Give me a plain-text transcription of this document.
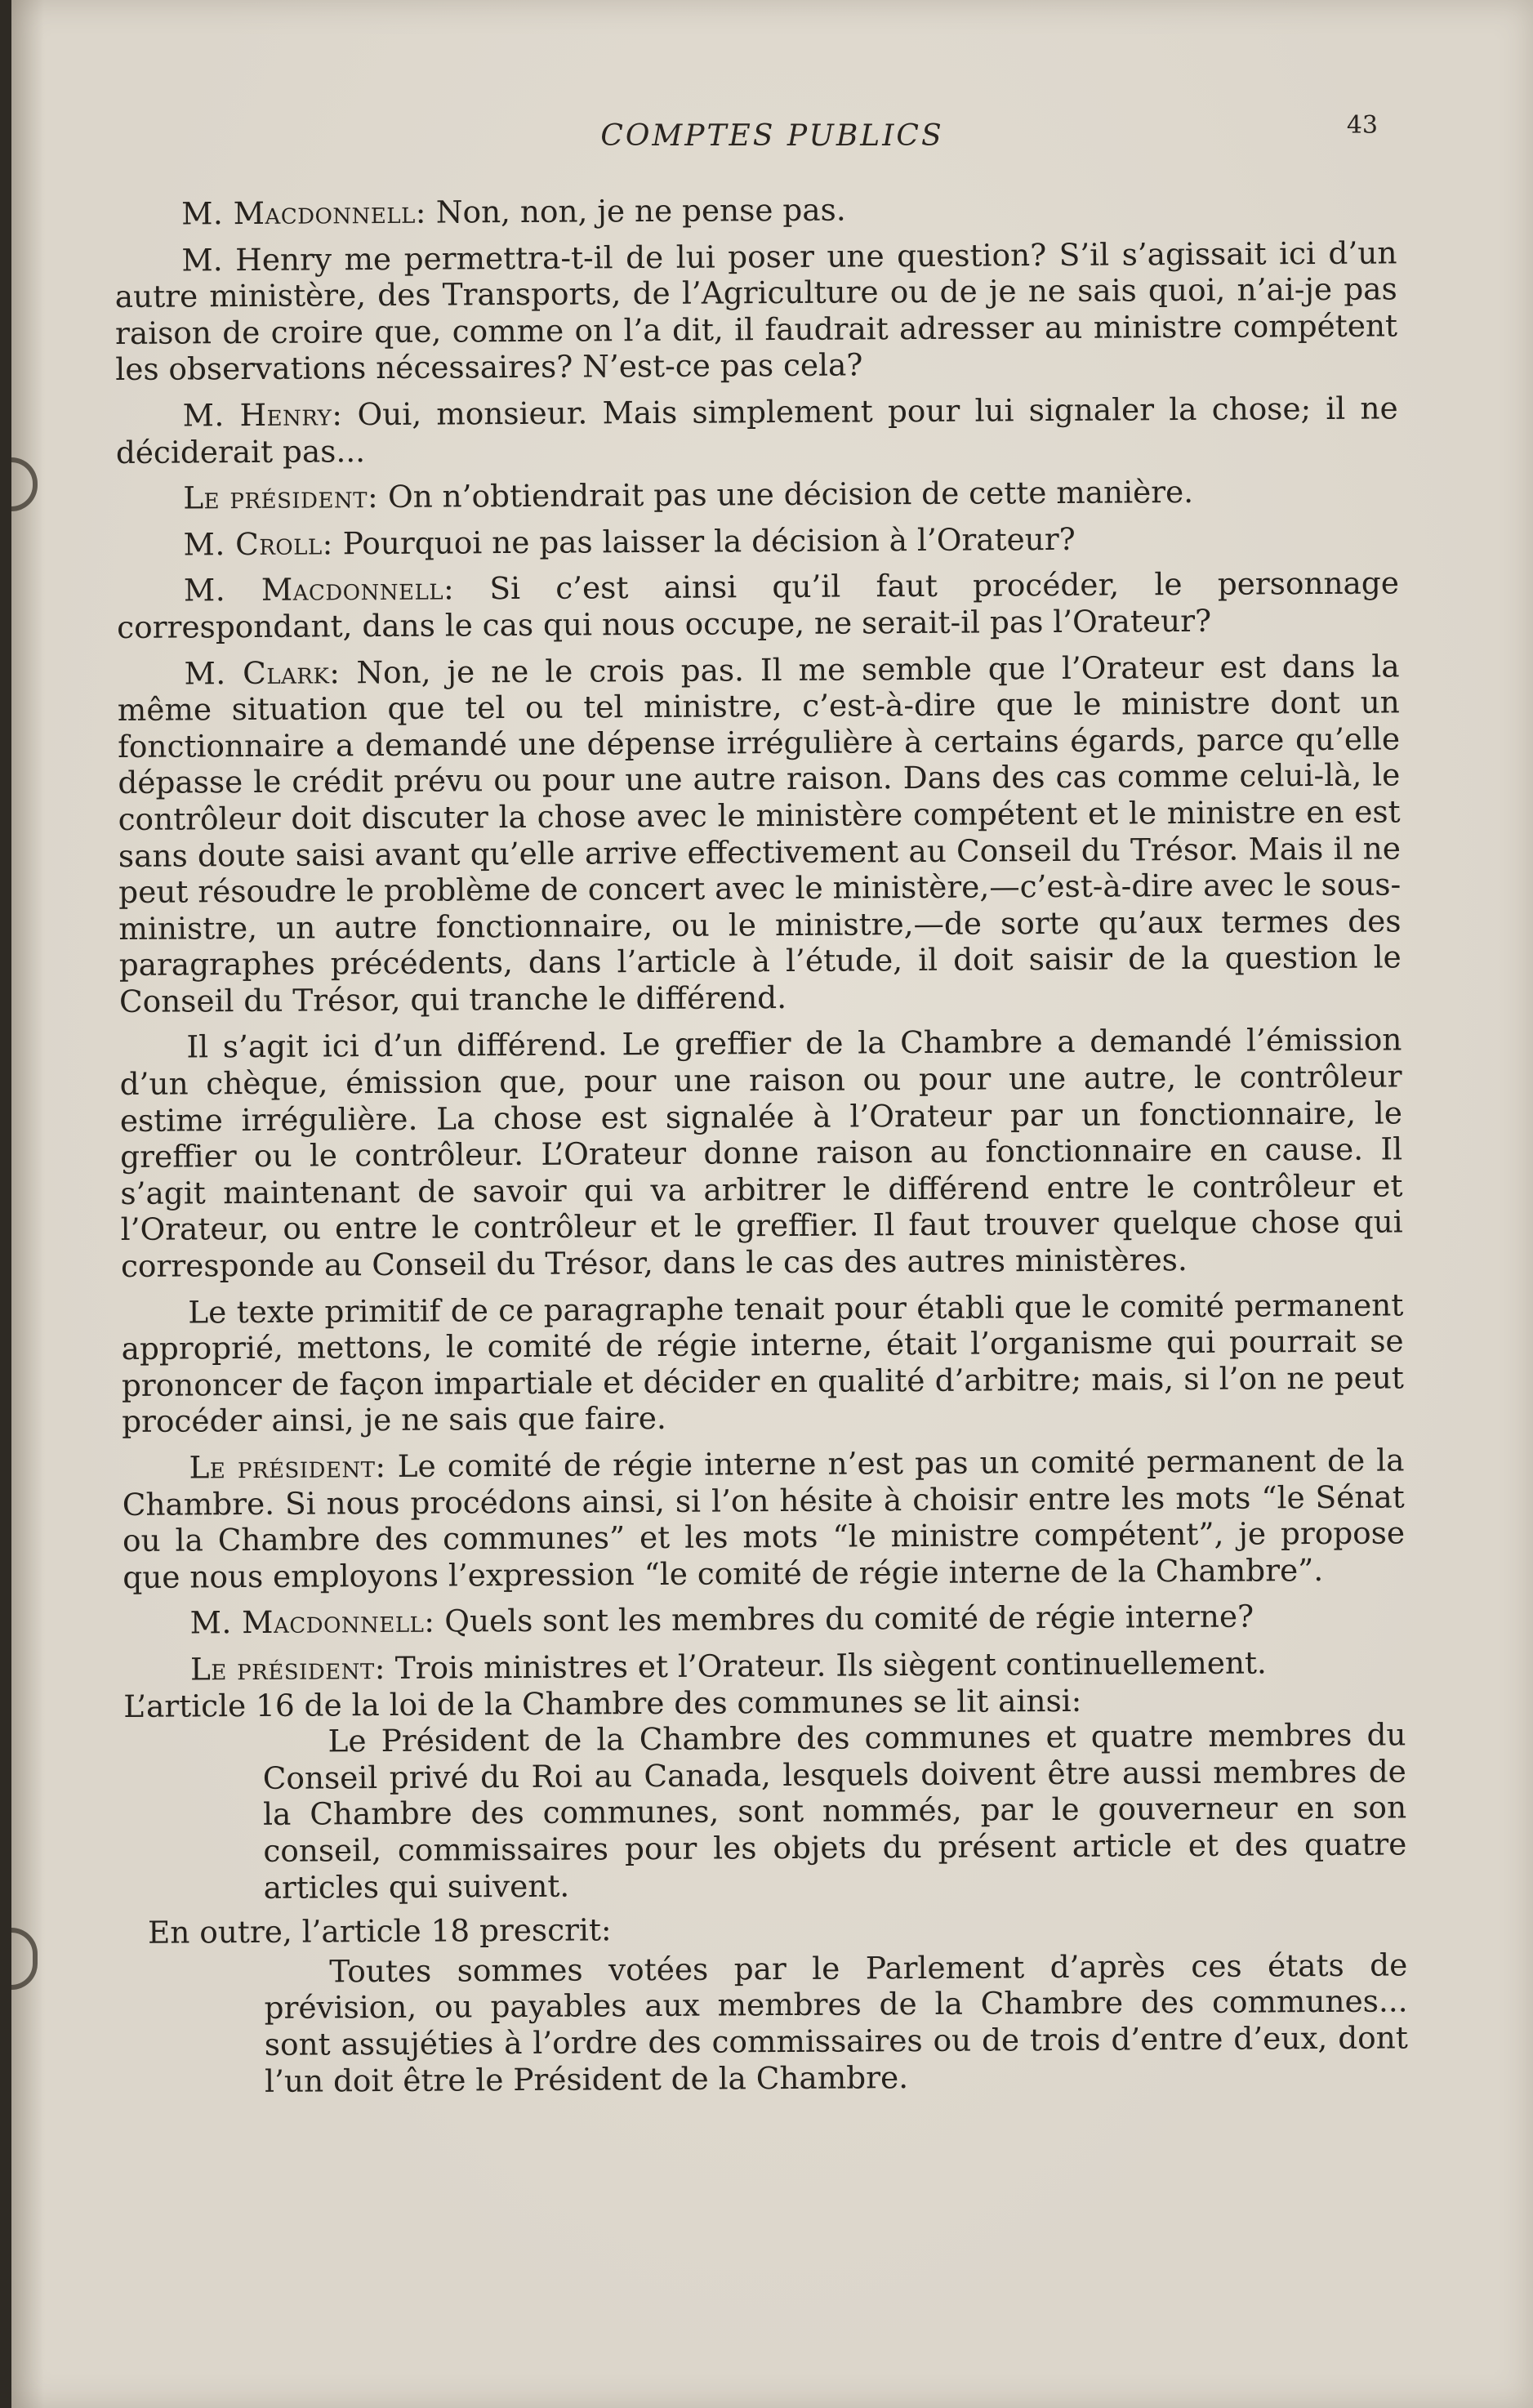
COMPTES PUBLICS	43

M. Macdonnell: Non, non, je ne pense pas.

M. Henry me permettra-t-il de lui poser une question? S’il s’agissait ici d’un autre ministère, des Transports, de l’Agriculture ou de je ne sais quoi, n’ai-je pas raison de croire que, comme on l’a dit, il faudrait adresser au ministre compétent les observations nécessaires? N’est-ce pas cela?

M. Henry: Oui, monsieur. Mais simplement pour lui signaler la chose; il ne déciderait pas...

Le président: On n’obtiendrait pas une décision de cette manière.

M. Croll: Pourquoi ne pas laisser la décision à l’Orateur?

M. Macdonnell: Si c’est ainsi qu’il faut procéder, le personnage correspondant, dans le cas qui nous occupe, ne serait-il pas l’Orateur?

M. Clark: Non, je ne le crois pas. Il me semble que l’Orateur est dans la même situation que tel ou tel ministre, c’est-à-dire que le ministre dont un fonctionnaire a demandé une dépense irrégulière à certains égards, parce qu’elle dépasse le crédit prévu ou pour une autre raison. Dans des cas comme celui-là, le contrôleur doit discuter la chose avec le ministère compétent et le ministre en est sans doute saisi avant qu’elle arrive effectivement au Conseil du Trésor. Mais il ne peut résoudre le problème de concert avec le ministère,—c’est-à-dire avec le sous-ministre, un autre fonctionnaire, ou le ministre,—de sorte qu’aux termes des paragraphes précédents, dans l’article à l’étude, il doit saisir de la question le Conseil du Trésor, qui tranche le différend.

Il s’agit ici d’un différend. Le greffier de la Chambre a demandé l’émission d’un chèque, émission que, pour une raison ou pour une autre, le contrôleur estime irrégulière. La chose est signalée à l’Orateur par un fonctionnaire, le greffier ou le contrôleur. L’Orateur donne raison au fonctionnaire en cause. Il s’agit maintenant de savoir qui va arbitrer le différend entre le contrôleur et l’Orateur, ou entre le contrôleur et le greffier. Il faut trouver quelque chose qui corresponde au Conseil du Trésor, dans le cas des autres ministères.

Le texte primitif de ce paragraphe tenait pour établi que le comité permanent approprié, mettons, le comité de régie interne, était l’organisme qui pourrait se prononcer de façon impartiale et décider en qualité d’arbitre; mais, si l’on ne peut procéder ainsi, je ne sais que faire.

Le président: Le comité de régie interne n’est pas un comité permanent de la Chambre. Si nous procédons ainsi, si l’on hésite à choisir entre les mots “le Sénat ou la Chambre des communes” et les mots “le ministre compétent”, je propose que nous employons l’expression “le comité de régie interne de la Chambre”.

M. Macdonnell: Quels sont les membres du comité de régie interne?

Le président: Trois ministres et l’Orateur. Ils siègent continuellement.

L’article 16 de la loi de la Chambre des communes se lit ainsi:

Le Président de la Chambre des communes et quatre membres du Conseil privé du Roi au Canada, lesquels doivent être aussi membres de la Chambre des communes, sont nommés, par le gouverneur en son conseil, commissaires pour les objets du présent article et des quatre articles qui suivent.

En outre, l’article 18 prescrit:

Toutes sommes votées par le Parlement d’après ces états de prévision, ou payables aux membres de la Chambre des communes... sont assujéties à l’ordre des commissaires ou de trois d’entre d’eux, dont l’un doit être le Président de la Chambre.
